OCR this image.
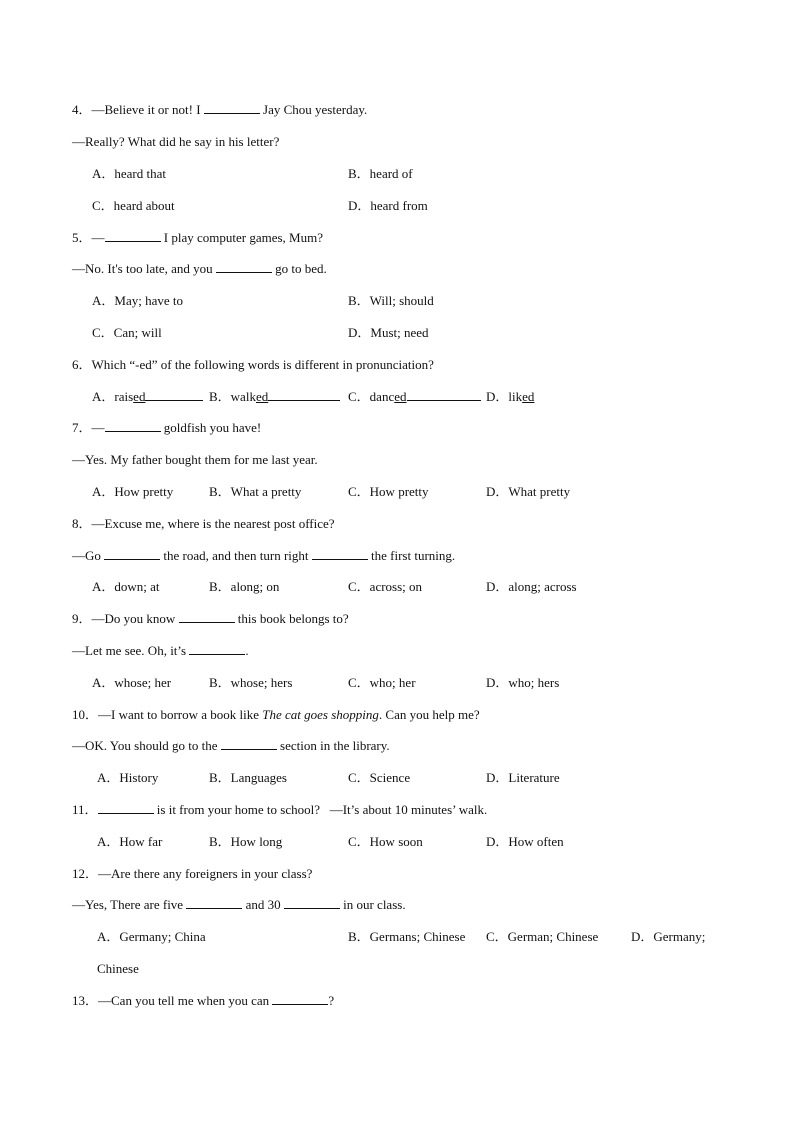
4．—Believe it or not! I	Jay Chou yesterday.
—Really? What did he say in his letter?
A．heard that	B．heard of
C．heard about	D．heard from
5．—	I play computer games, Mum?
—No. It's too late, and you	go to bed.
A．May; have to	B．Will; should
C．Can; will	D．Must; need
6．Which “-ed” of the following words is different in pronunciation?
A．raised	B．walked	C．danced	D．liked
7．—	goldfish you have!
—Yes. My father bought them for me last year.
A．How pretty	B．What a pretty	C．How pretty	D．What pretty
8．—Excuse me, where is the nearest post office?
—Go	the road, and then turn right	the first turning.
A．down; at	B．along; on	C．across; on	D．along; across
9．—Do you know	this book belongs to?
—Let me see. Oh, it’s	.
A．whose; her	B．whose; hers	C．who; her	D．who; hers
10．—I want to borrow a book like The cat goes shopping. Can you help me?
—OK. You should go to the	section in the library.
A．History	B．Languages	C．Science	D．Literature
11．	is it from your home to school?   —It’s about 10 minutes’ walk.
A．How far	B．How long	C．How soon	D．How often
12．—Are there any foreigners in your class?
—Yes, There are five	and 30	in our class.
A．Germany; China	B．Germans; Chinese C．German; Chinese	D．Germany;
Chinese
13．—Can you tell me when you can	?
